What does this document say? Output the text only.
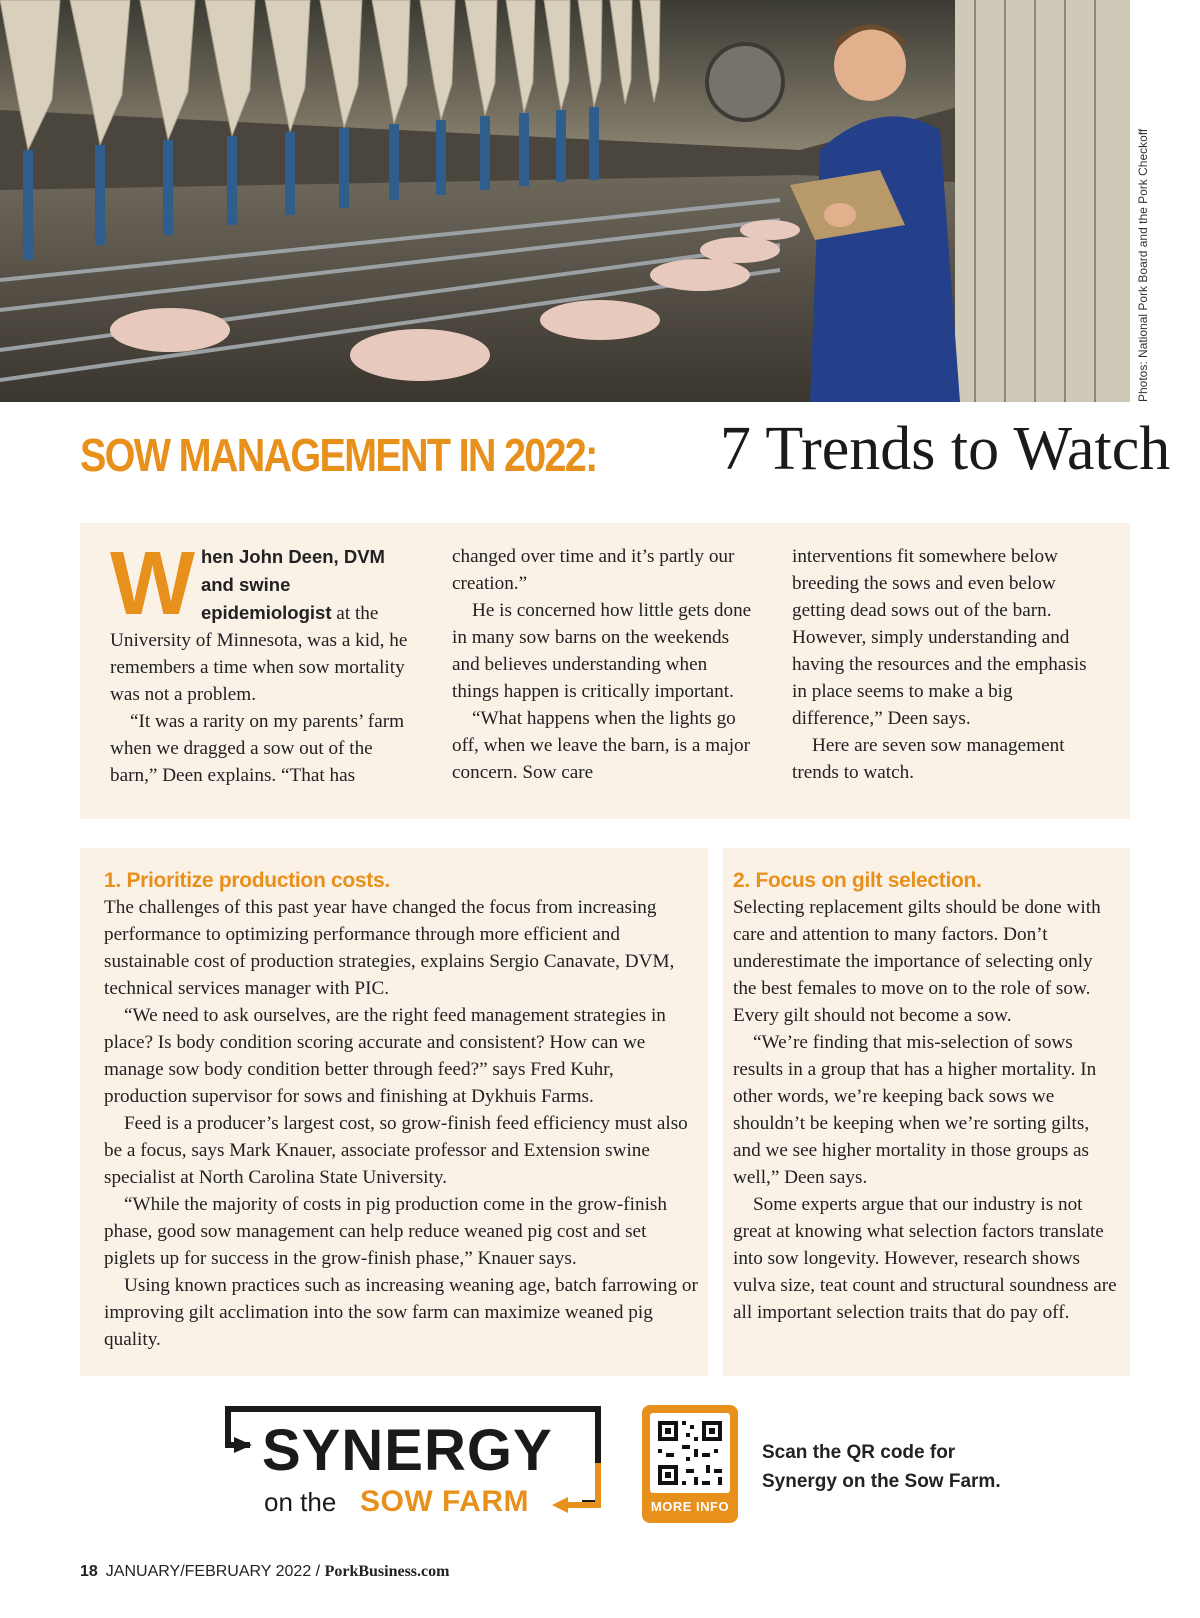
Photos: National Pork Board and the Pork Checkoff
SOW MANAGEMENT IN 2022: 7 Trends to Watch

W hen John Deen, DVM and swine epidemiologist at the University of Minnesota, was a kid, he remembers a time when sow mortality was not a problem.

“It was a rarity on my parents’ farm when we dragged a sow out of the barn,” Deen explains. “That has

changed over time and it’s partly our creation.”

He is concerned how little gets done in many sow barns on the weekends and believes understanding when things happen is critically important.

“What happens when the lights go off, when we leave the barn, is a major concern. Sow care

interventions fit somewhere below breeding the sows and even below getting dead sows out of the barn. However, simply understanding and having the resources and the emphasis in place seems to make a big difference,” Deen says.

Here are seven sow management trends to watch.

1. Prioritize production costs.

The challenges of this past year have changed the focus from increasing performance to optimizing performance through more efficient and sustainable cost of production strategies, explains Sergio Canavate, DVM, technical services manager with PIC.

“We need to ask ourselves, are the right feed management strategies in place? Is body condition scoring accurate and consistent? How can we manage sow body condition better through feed?” says Fred Kuhr, production supervisor for sows and finishing at Dykhuis Farms.

Feed is a producer’s largest cost, so grow-finish feed efficiency must also be a focus, says Mark Knauer, associate professor and Extension swine specialist at North Carolina State University.

“While the majority of costs in pig production come in the grow-finish phase, good sow management can help reduce weaned pig cost and set piglets up for success in the grow-finish phase,” Knauer says.

Using known practices such as increasing weaning age, batch farrowing or improving gilt acclimation into the sow farm can maximize weaned pig quality.

2. Focus on gilt selection.

Selecting replacement gilts should be done with care and attention to many factors. Don’t underestimate the importance of selecting only the best females to move on to the role of sow. Every gilt should not become a sow.

“We’re finding that mis-selection of sows results in a group that has a higher mortality. In other words, we’re keeping back sows we shouldn’t be keeping when we’re sorting gilts, and we see higher mortality in those groups as well,” Deen says.

Some experts argue that our industry is not great at knowing what selection factors translate into sow longevity. However, research shows vulva size, teat count and structural soundness are all important selection traits that do pay off.

SYNERGY
on the SOW FARM	MORE INFO
Scan the QR code for
Synergy on the Sow Farm.
18 JANUARY/FEBRUARY 2022 / PorkBusiness.com
